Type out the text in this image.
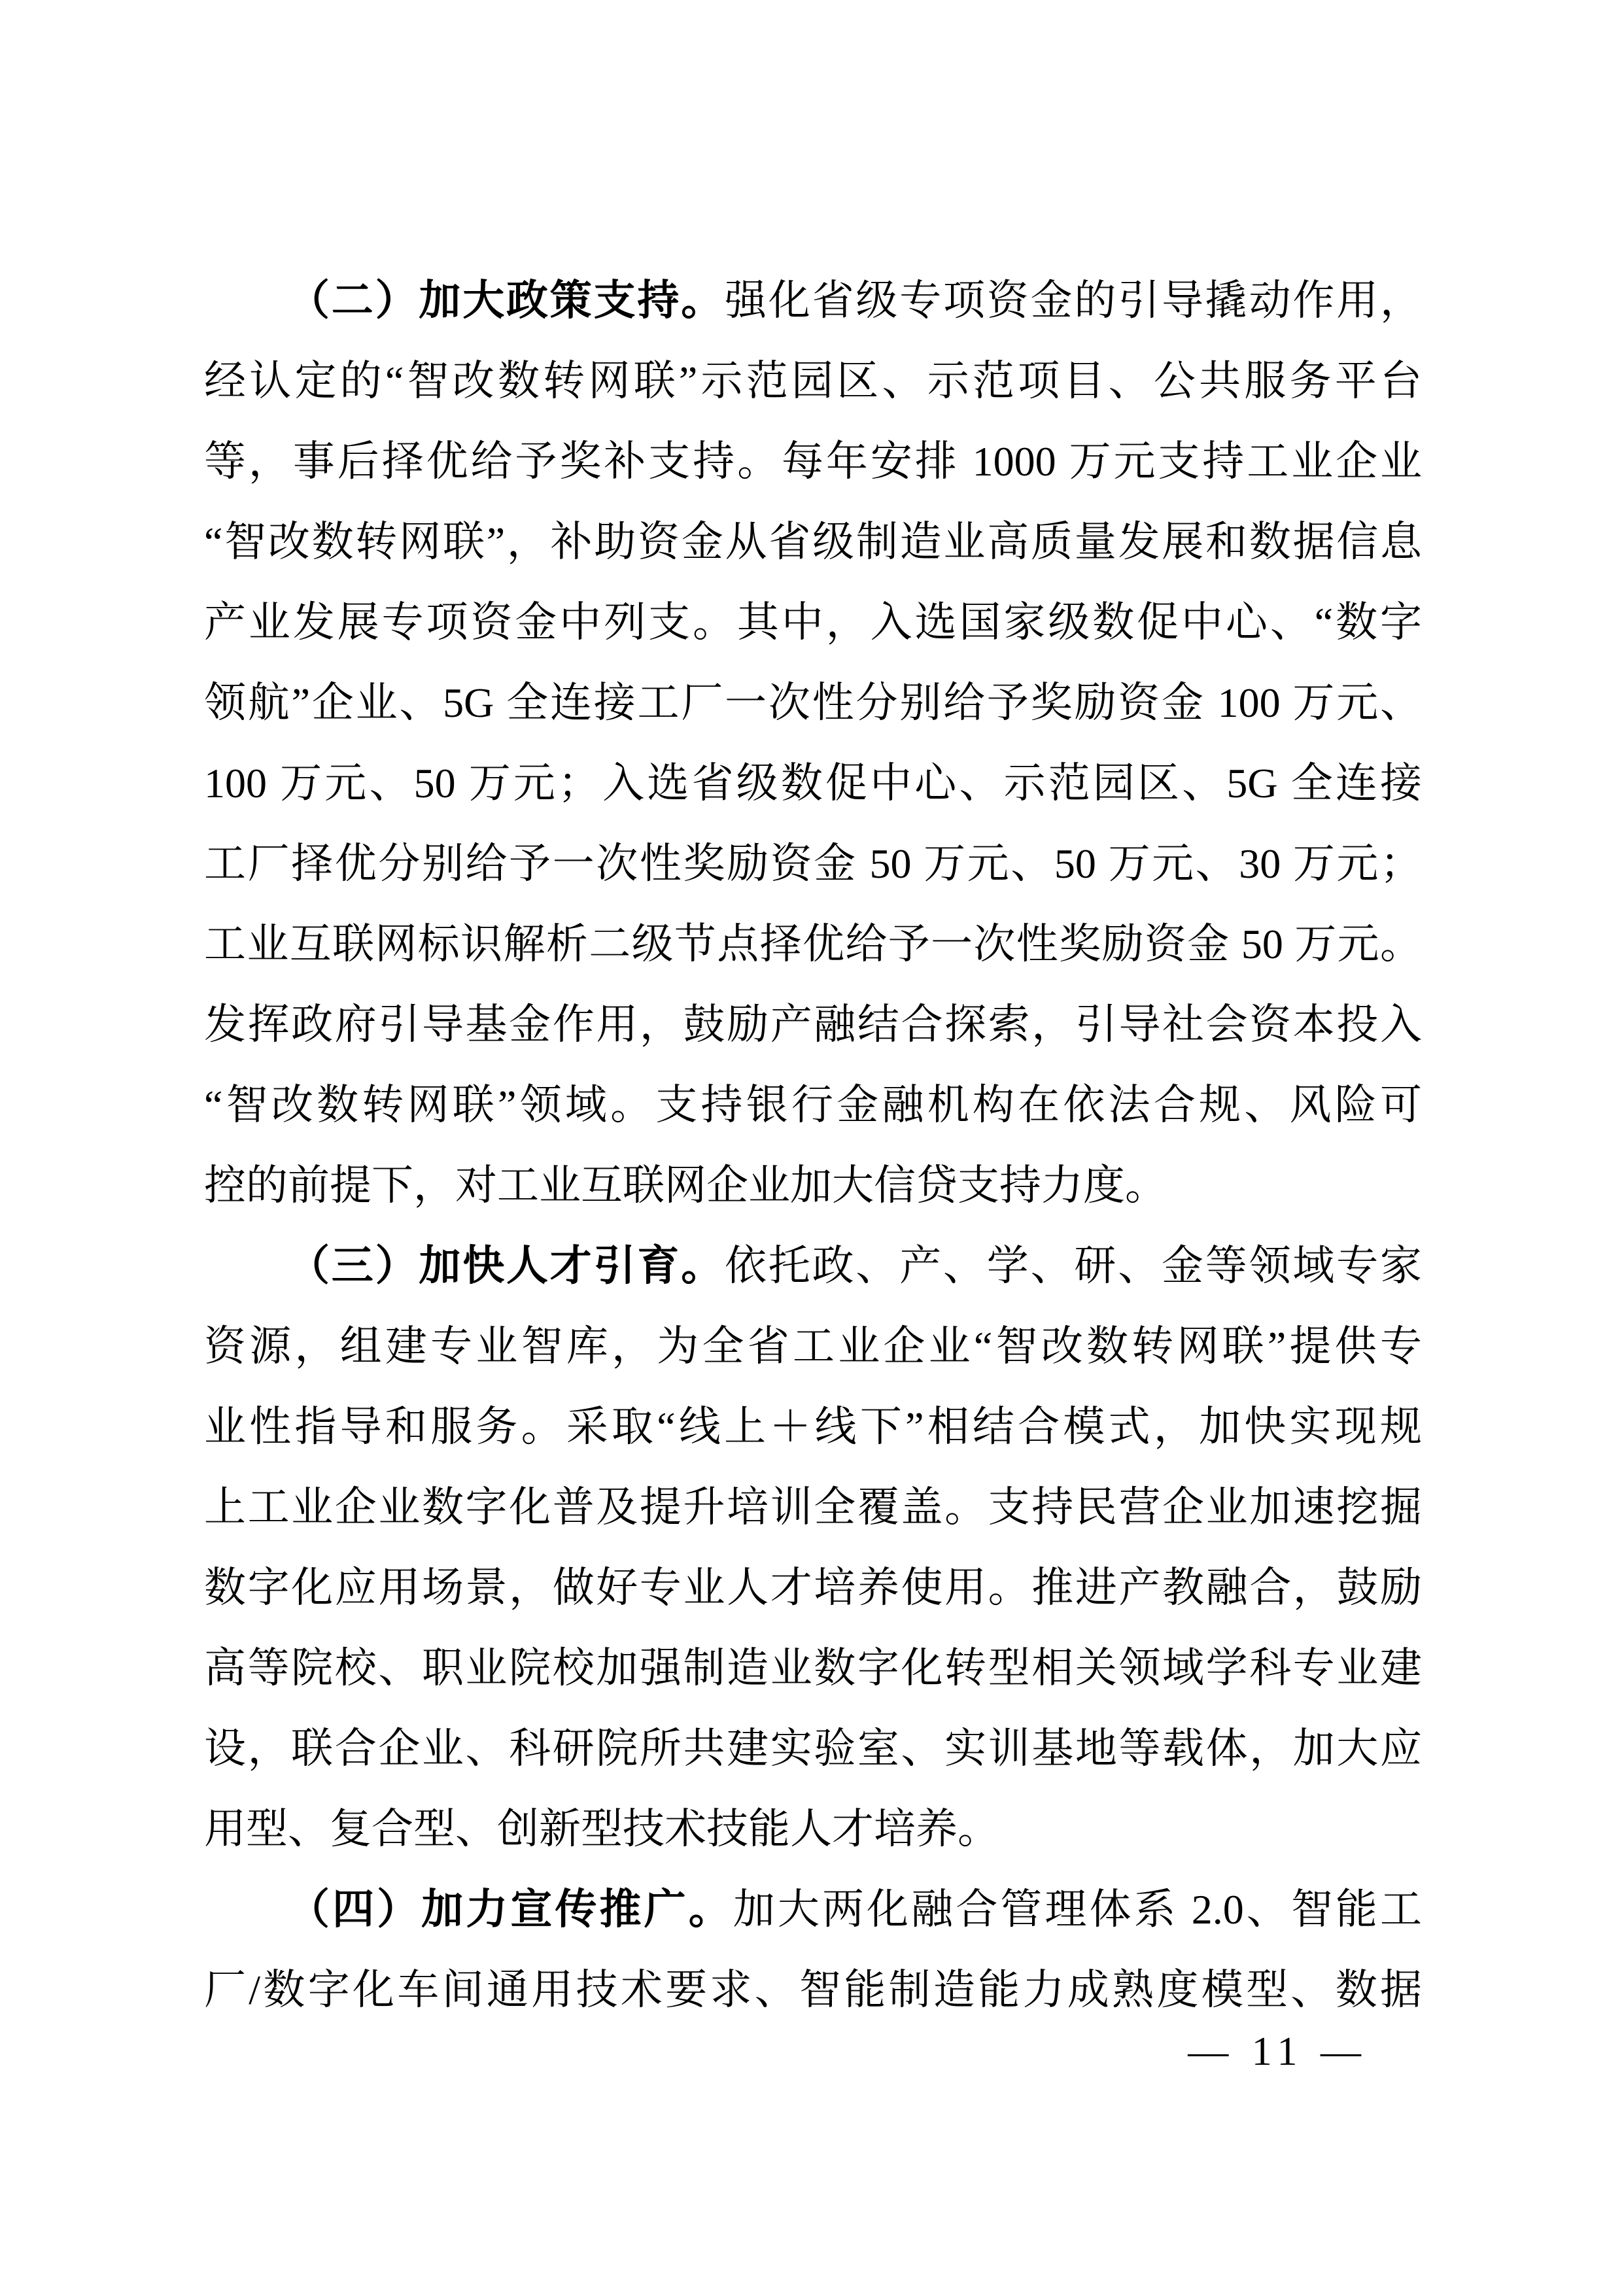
（二）加大政策支持。强化省级专项资金的引导撬动作用，
经认定的“智改数转网联”示范园区、示范项目、公共服务平台
等，事后择优给予奖补支持。每年安排 1000 万元支持工业企业
“智改数转网联”，补助资金从省级制造业高质量发展和数据信息
产业发展专项资金中列支。其中，入选国家级数促中心、“数字
领航”企业、5G 全连接工厂一次性分别给予奖励资金 100 万元、
100 万元、50 万元；入选省级数促中心、示范园区、5G 全连接
工厂择优分别给予一次性奖励资金 50 万元、50 万元、30 万元；
工业互联网标识解析二级节点择优给予一次性奖励资金 50 万元。
发挥政府引导基金作用，鼓励产融结合探索，引导社会资本投入
“智改数转网联”领域。支持银行金融机构在依法合规、风险可
控的前提下，对工业互联网企业加大信贷支持力度。
（三）加快人才引育。依托政、产、学、研、金等领域专家
资源，组建专业智库，为全省工业企业“智改数转网联”提供专
业性指导和服务。采取“线上＋线下”相结合模式，加快实现规
上工业企业数字化普及提升培训全覆盖。支持民营企业加速挖掘
数字化应用场景，做好专业人才培养使用。推进产教融合，鼓励
高等院校、职业院校加强制造业数字化转型相关领域学科专业建
设，联合企业、科研院所共建实验室、实训基地等载体，加大应
用型、复合型、创新型技术技能人才培养。
（四）加力宣传推广。加大两化融合管理体系 2.0、智能工
厂/数字化车间通用技术要求、智能制造能力成熟度模型、数据
— 11 —
